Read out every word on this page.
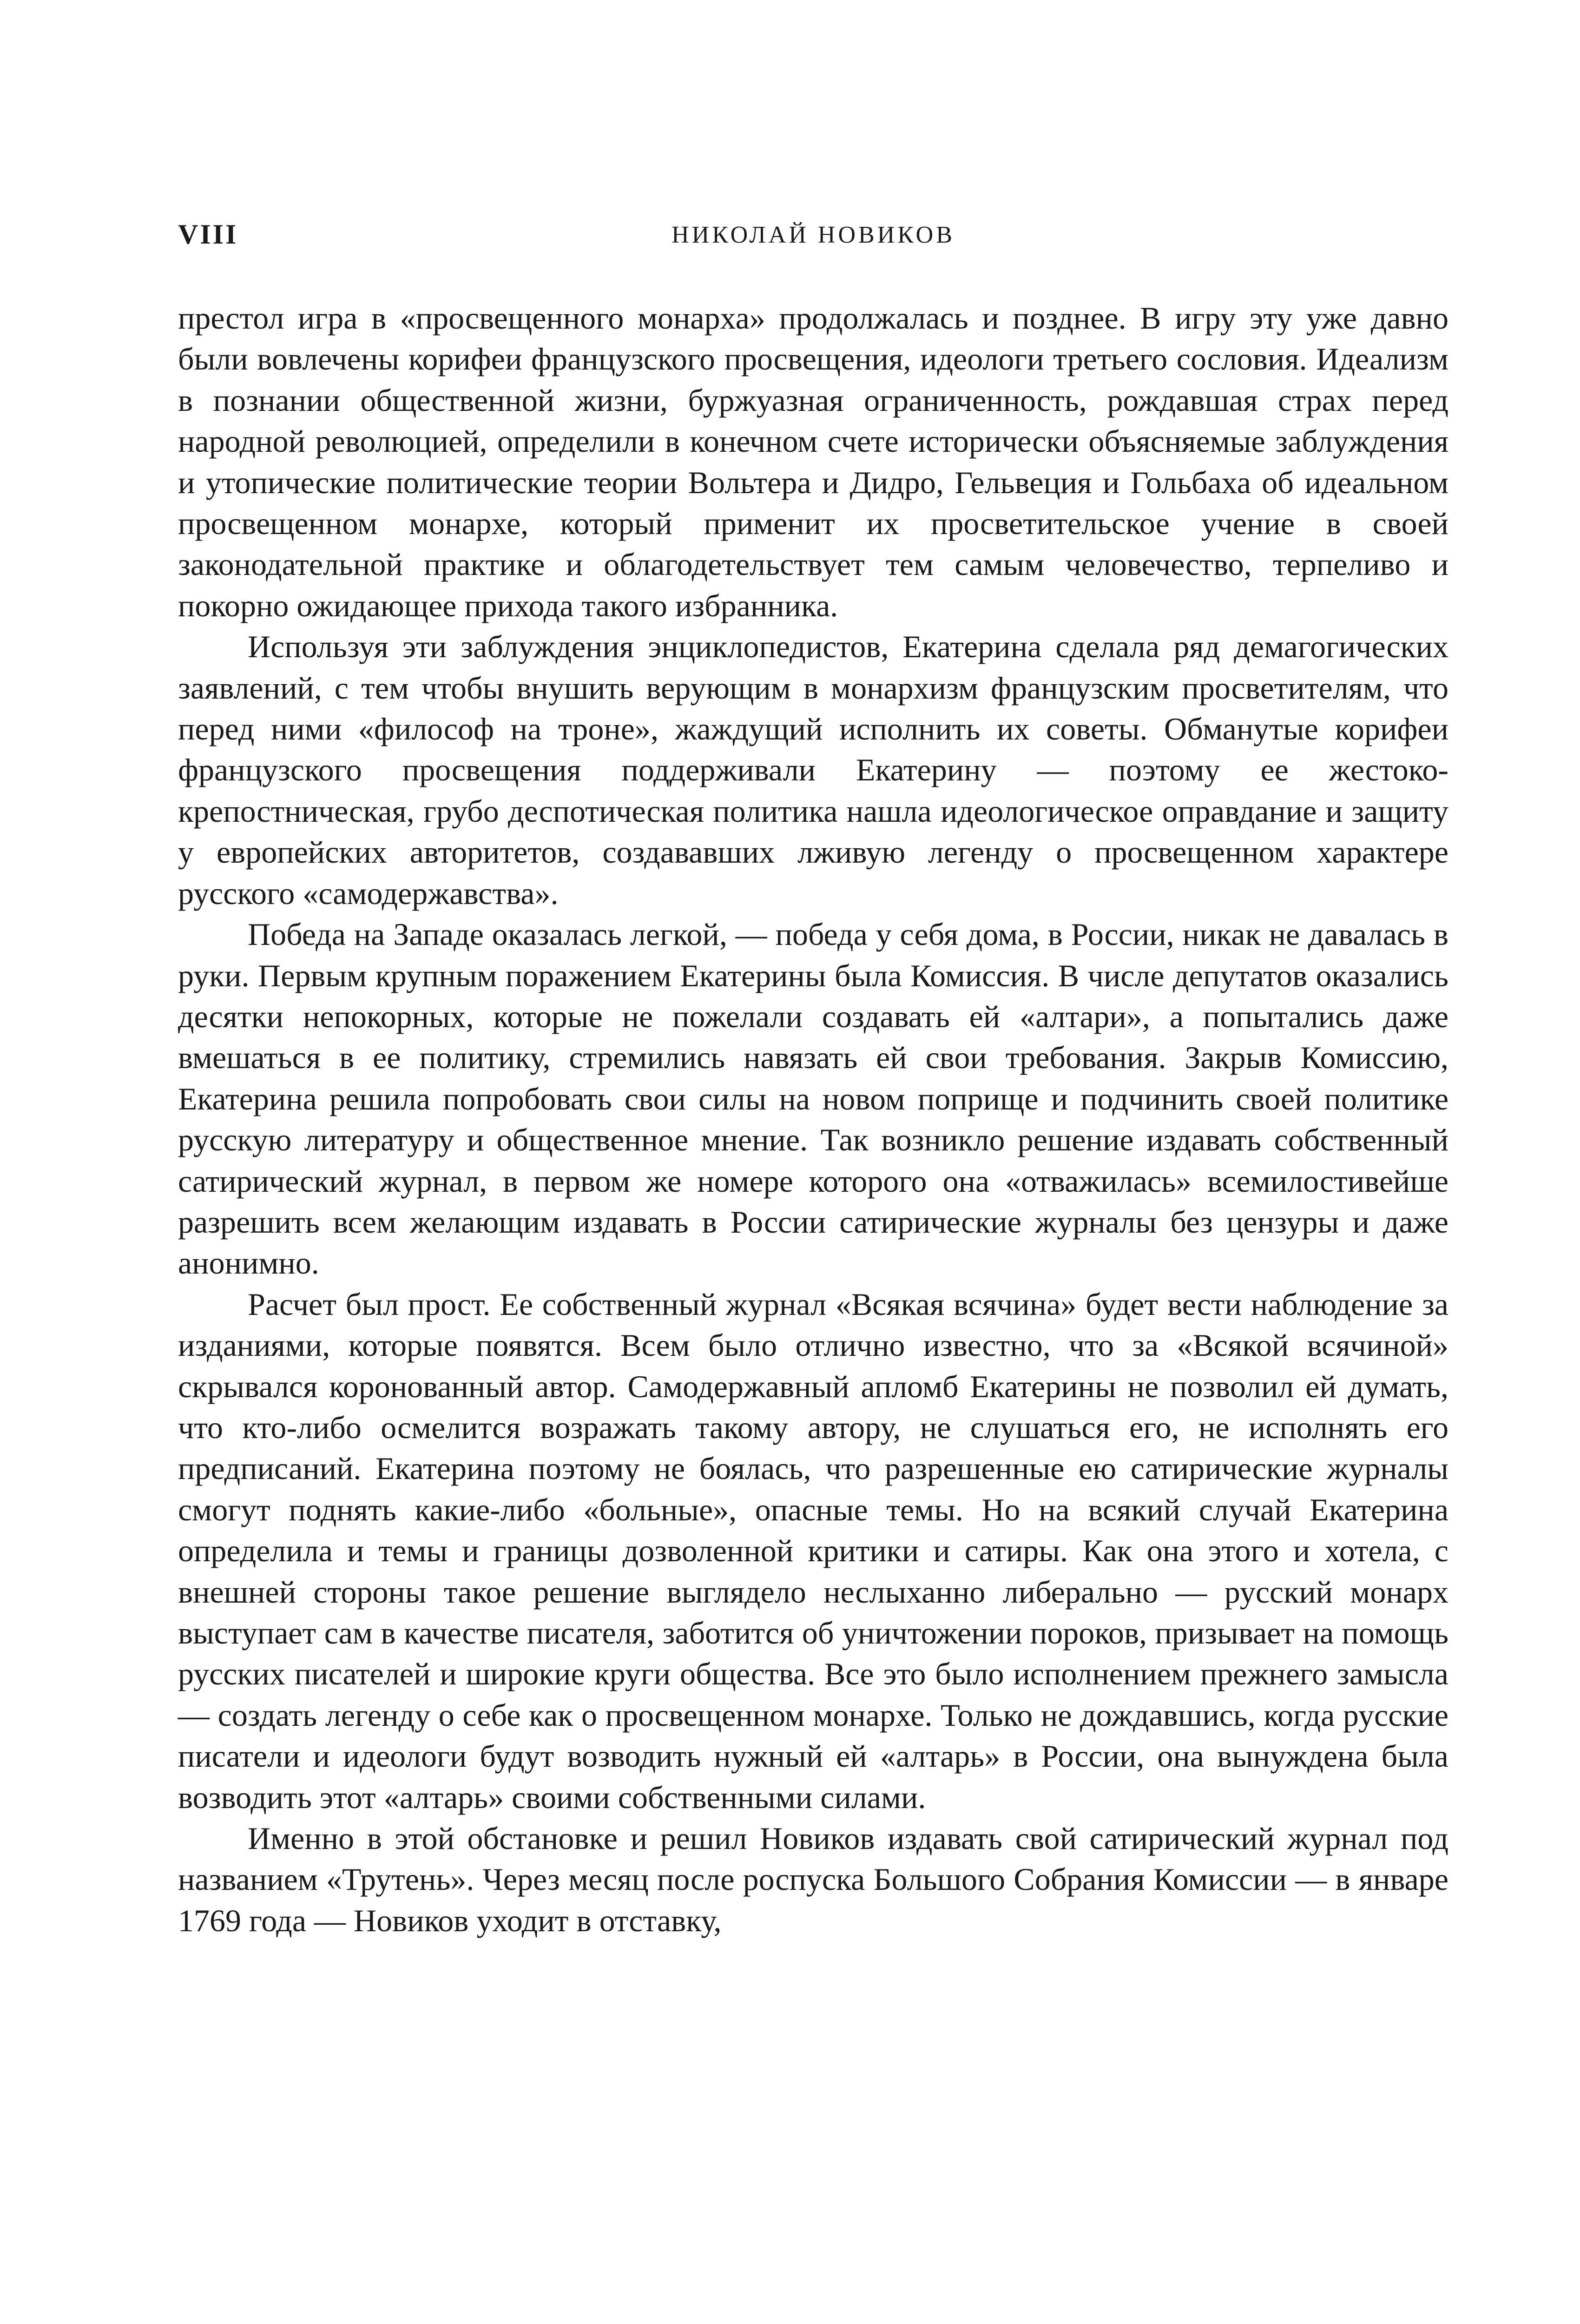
VIII	НИКОЛАЙ НОВИКОВ

престол игра в «просвещенного монарха» продолжалась и позднее. В игру эту уже давно были вовлечены корифеи французского просвещения, идеологи третьего сословия. Идеализм в познании общественной жизни, буржуазная ограниченность, рождавшая страх перед народной революцией, определили в конечном счете исторически объясняемые заблуждения и утопические политические теории Вольтера и Дидро, Гельвеция и Гольбаха об идеальном просвещенном монархе, который применит их просветительское учение в своей законодательной практике и облагодетельствует тем самым человечество, терпеливо и покорно ожидающее прихода такого избранника.

Используя эти заблуждения энциклопедистов, Екатерина сделала ряд демагогических заявлений, с тем чтобы внушить верующим в монархизм французским просветителям, что перед ними «философ на троне», жаждущий исполнить их советы. Обманутые корифеи французского просвещения поддерживали Екатерину — поэтому ее жестоко-крепостническая, грубо деспотическая политика нашла идеологическое оправдание и защиту у европейских авторитетов, создававших лживую легенду о просвещенном характере русского «самодержавства».

Победа на Западе оказалась легкой, — победа у себя дома, в России, никак не давалась в руки. Первым крупным поражением Екатерины была Комиссия. В числе депутатов оказались десятки непокорных, которые не пожелали создавать ей «алтари», а попытались даже вмешаться в ее политику, стремились навязать ей свои требования. Закрыв Комиссию, Екатерина решила попробовать свои силы на новом поприще и подчинить своей политике русскую литературу и общественное мнение. Так возникло решение издавать собственный сатирический журнал, в первом же номере которого она «отважилась» всемилостивейше разрешить всем желающим издавать в России сатирические журналы без цензуры и даже анонимно.

Расчет был прост. Ее собственный журнал «Всякая всячина» будет вести наблюдение за изданиями, которые появятся. Всем было отлично известно, что за «Всякой всячиной» скрывался коронованный автор. Самодержавный апломб Екатерины не позволил ей думать, что кто-либо осмелится возражать такому автору, не слушаться его, не исполнять его предписаний. Екатерина поэтому не боялась, что разрешенные ею сатирические журналы смогут поднять какие-либо «больные», опасные темы. Но на всякий случай Екатерина определила и темы и границы дозволенной критики и сатиры. Как она этого и хотела, с внешней стороны такое решение выглядело неслыханно либерально — русский монарх выступает сам в качестве писателя, заботится об уничтожении пороков, призывает на помощь русских писателей и широкие круги общества. Все это было исполнением прежнего замысла — создать легенду о себе как о просвещенном монархе. Только не дождавшись, когда русские писатели и идеологи будут возводить нужный ей «алтарь» в России, она вынуждена была возводить этот «алтарь» своими собственными силами.

Именно в этой обстановке и решил Новиков издавать свой сатирический журнал под названием «Трутень». Через месяц после роспуска Большого Собрания Комиссии — в январе 1769 года — Новиков уходит в отставку,
